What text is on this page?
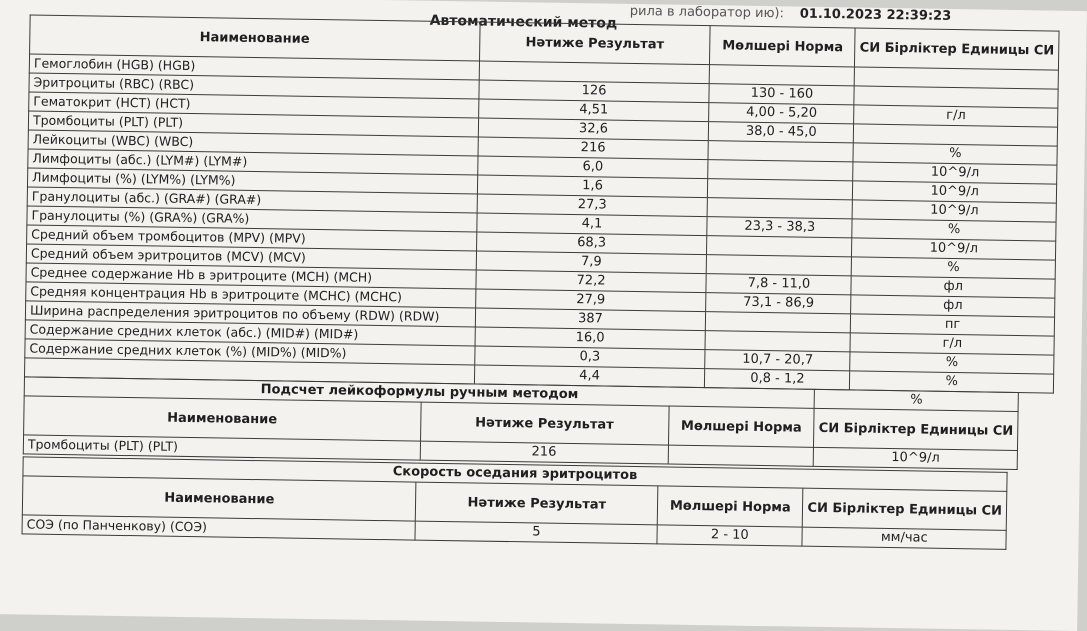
рила в лаборатор ию): 01.10.2023 22:39:23
Автоматический метод
Наименование	Нәтиже Результат	Мөлшері Норма	СИ Бірліктер Единицы СИ
Гемоглобин (HGB) (HGB)			
Эритроциты (RBC) (RBC)	126	130 - 160	
Гематокрит (HCT) (HCT)	4,51	4,00 - 5,20	г/л
Тромбоциты (PLT) (PLT)	32,6	38,0 - 45,0	
Лейкоциты (WBC) (WBC)	216		%
Лимфоциты (абс.) (LYM#) (LYM#)	6,0		10^9/л
Лимфоциты (%) (LYM%) (LYM%)	1,6		10^9/л
Гранулоциты (абс.) (GRA#) (GRA#)	27,3		10^9/л
Гранулоциты (%) (GRA%) (GRA%)	4,1	23,3 - 38,3	%
Средний объем тромбоцитов (MPV) (MPV)	68,3		10^9/л
Средний объем эритроцитов (MCV) (MCV)	7,9		%
Среднее содержание Hb в эритроците (MCH) (MCH)	72,2	7,8 - 11,0	фл
Средняя концентрация Hb в эритроците (MCHC) (MCHC)	27,9	73,1 - 86,9	фл
Ширина распределения эритроцитов по объему (RDW) (RDW)	387		пг
Содержание средних клеток (абс.) (MID#) (MID#)	16,0		г/л
Содержание средних клеток (%) (MID%) (MID%)	0,3	10,7 - 20,7	%
	4,4	0,8 - 1,2	%
Подсчет лейкоформулы ручным методом			%
Наименование	Нәтиже Результат	Мөлшері Норма	СИ Бірліктер Единицы СИ
Тромбоциты (PLT) (PLT)	216		10^9/л
Скорость оседания эритроцитов			
Наименование	Нәтиже Результат	Мөлшері Норма	СИ Бірліктер Единицы СИ
СОЭ (по Панченкову) (СОЭ)	5	2 - 10	мм/час
